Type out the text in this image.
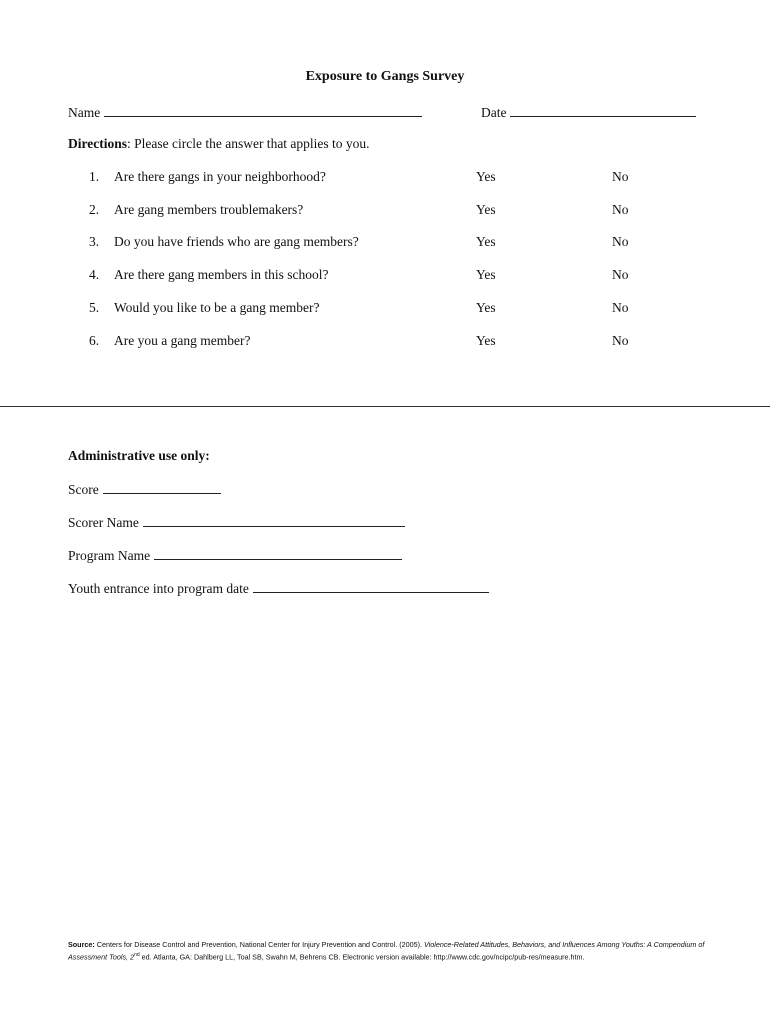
Exposure to Gangs Survey
Name	Date
Directions: Please circle the answer that applies to you.
1. Are there gangs in your neighborhood?	Yes	No
2. Are gang members troublemakers?	Yes	No
3. Do you have friends who are gang members?	Yes	No
4. Are there gang members in this school?	Yes	No
5. Would you like to be a gang member?	Yes	No
6. Are you a gang member?	Yes	No
Administrative use only:
Score
Scorer Name
Program Name
Youth entrance into program date
Source: Centers for Disease Control and Prevention, National Center for Injury Prevention and Control. (2005). Violence-Related Attitudes, Behaviors, and Influences Among Youths: A Compendium of Assessment Tools, 2nd ed. Atlanta, GA: Dahlberg LL, Toal SB, Swahn M, Behrens CB. Electronic version available: http://www.cdc.gov/ncipc/pub-res/measure.htm.
